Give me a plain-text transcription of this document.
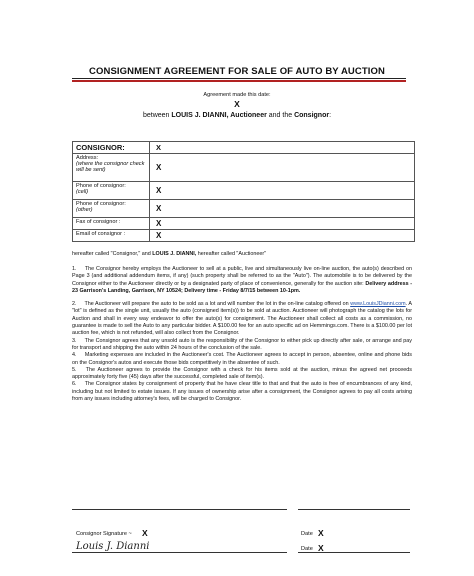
CONSIGNMENT AGREEMENT FOR SALE OF AUTO BY AUCTION
Agreement made this date:
X
between LOUIS J. DIANNI, Auctioneer and the Consignor:
CONSIGNOR:	X

Address:
(where the consignor check will be sent)	X

Phone of consignor:
(cell)	X

Phone of consignor:
(other)	X
Fax of consignor :	X
Email of consignor :	X
hereafter called "Consignor," and LOUIS J. DIANNI, hereafter called "Auctioneer"

1. The Consignor hereby employs the Auctioneer to sell at a public, live and simultaneously live on-line auction, the auto(s) described on Page 3 (and additional addendum items, if any) (such property shall be referred to as the "Auto"). The automobile is to be delivered by the Consignor either to the Auctioneer directly or by a designated party of place of convenience, generally for the auction site: Delivery address - 23 Garrison's Landing, Garrison, NY 10524; Delivery time - Friday 8/7/15 between 10-1pm.

2. The Auctioneer will prepare the auto to be sold as a lot and will number the lot in the on-line catalog offered on www.LouisJDianni.com. A "lot" is defined as the single unit, usually the auto (consigned item(s)) to be sold at auction. Auctioneer will photograph the catalog the lots for Auction and shall in every way endeavor to offer the auto(s) for consignment. The Auctioneer shall collect all costs as a commission, no guarantee is made to sell the Auto to any particular bidder. A $100.00 fee for an auto specific ad on Hemmings.com. There is a $100.00 per lot auction fee, which is not refunded, will also collect from the Consignor.

3. The Consignor agrees that any unsold auto is the responsibility of the Consignor to either pick up directly after sale, or arrange and pay for transport and shipping the auto within 24 hours of the conclusion of the sale.

4. Marketing expenses are included in the Auctioneer's cost. The Auctioneer agrees to accept in person, absentee, online and phone bids on the Consignor's autos and execute those bids competitively in the absentee of such.

5. The Auctioneer agrees to provide the Consignor with a check for his items sold at the auction, minus the agreed net proceeds approximately forty five (45) days after the successful, completed sale of item(s).

6. The Consignor states by consignment of property that he have clear title to that and that the auto is free of encumbrances of any kind, including but not limited to estate issues. If any issues of ownership arise after a consignment, the Consignor agrees to pay all costs arising from any issues including attorney's fees, will be charged to Consignor.

Consignor Signature ~ X	Date X
Louis J. Dianni	Date X
